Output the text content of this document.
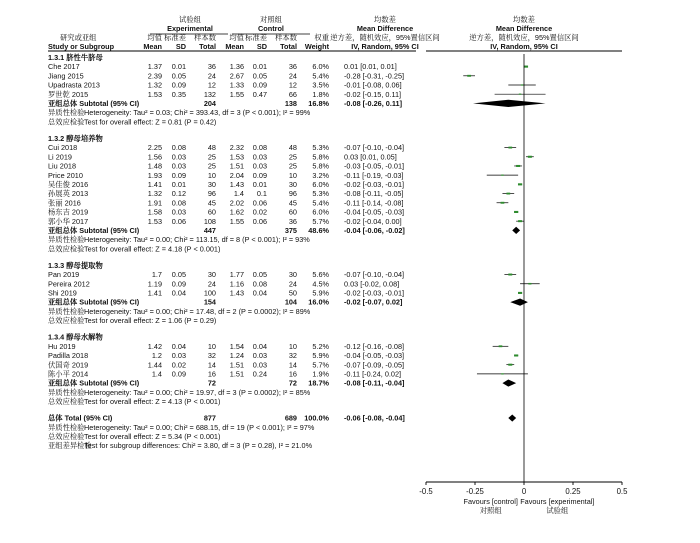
试验组
Experimental
对照组
Control
均数差
Mean Difference
逆方差，随机效应，95%置信区间
IV, Random, 95% CI
均数差
Mean Difference
逆方差，随机效应，95%置信区间
IV, Random, 95% CI
研究或亚组
Study or Subgroup
均值
Mean
标准差
SD
样本数
Total
均值
Mean
标准差
SD
样本数
Total
权重
Weight
1.3.1 脐性牛脐母
Che 2017	1.37 0.01	36 1.36 0.01	36 6.0% 0.01 [0.01, 0.01]
Jiang 2015	2.39 0.05	24 2.67 0.05	24 5.4% -0.28 [-0.31, -0.25]
Upadrasta 2013	1.32 0.09	12 1.33 0.09	12 3.5% -0.01 [-0.08, 0.06]
罗世乾 2015	1.53 0.35 132 1.55 0.47	66 1.8% -0.02 [-0.15, 0.11]
亚组总体 Subtotal (95% CI)	204	138 16.8% -0.08 [-0.26, 0.11]
异质性检验 Heterogeneity: Tau² = 0.03; Chi² = 393.43, df = 3 (P < 0.001); I² = 99%
总效应检验 Test for overall effect: Z = 0.81 (P = 0.42)
1.3.2 醇母培养物
Cui 2018	2.25 0.08	48 2.32 0.08	48 5.3% -0.07 [-0.10, -0.04]
Li 2019	1.56 0.03	25 1.53 0.03	25 5.8% 0.03 [0.01, 0.05]
Liu 2018	1.48 0.03	25 1.51 0.03	25 5.8% -0.03 [-0.05, -0.01]
Price 2010	1.93 0.09	10 2.04 0.09	10 3.2% -0.11 [-0.19, -0.03]
吴佳俊 2016	1.41 0.01	30 1.43 0.01	30 6.0% -0.02 [-0.03, -0.01]
孙展英 2013	1.32 0.12	96 1.4 0.1	96 5.3% -0.08 [-0.11, -0.05]
张丽 2016	1.91 0.08	45 2.02 0.06	45 5.4% -0.11 [-0.14, -0.08]
杨东吉 2019	1.58 0.03	60 1.62 0.02	60 6.0% -0.04 [-0.05, -0.03]
郭小华 2017	1.53 0.06 108 1.55 0.06	36 5.7% -0.02 [-0.04, 0.00]
亚组总体 Subtotal (95% CI)	447	375 48.6% -0.04 [-0.06, -0.02]
异质性检验 Heterogeneity: Tau² = 0.00; Chi² = 113.15, df = 8 (P < 0.001); I² = 93%
总效应检验 Test for overall effect: Z = 4.18 (P < 0.001)
1.3.3 醇母提取物
Pan 2019	1.7 0.05	30 1.77 0.05	30 5.6% -0.07 [-0.10, -0.04]
Pereira 2012	1.19 0.09	24 1.16 0.08	24 4.5% 0.03 [-0.02, 0.08]
Shi 2019	1.41 0.04 100 1.43 0.04	50 5.9% -0.02 [-0.03, -0.01]
亚组总体 Subtotal (95% CI)	154	104 16.0% -0.02 [-0.07, 0.02]
异质性检验 Heterogeneity: Tau² = 0.00; Chi² = 17.48, df = 2 (P = 0.0002); I² = 89%
总效应检验 Test for overall effect: Z = 1.06 (P = 0.29)
1.3.4 醇母水解物
Hu 2019	1.42 0.04	10 1.54 0.04	10 5.2% -0.12 [-0.16, -0.08]
Padilla 2018	1.2 0.03	32 1.24 0.03	32 5.9% -0.04 [-0.05, -0.03]
伏国奇 2019	1.44 0.02	14 1.51 0.03	14 5.7% -0.07 [-0.09, -0.05]
陈小平 2014	1.4 0.09	16 1.51 0.24	16 1.9% -0.11 [-0.24, 0.02]
亚组总体 Subtotal (95% CI)	72	72 18.7% -0.08 [-0.11, -0.04]
异质性检验 Heterogeneity: Tau² = 0.00; Chi² = 19.97, df = 3 (P = 0.0002); I² = 85%
总效应检验 Test for overall effect: Z = 4.13 (P < 0.001)
总体 Total (95% CI)	877	689 100.0% -0.06 [-0.08, -0.04]
异质性检验 Heterogeneity: Tau² = 0.00; Chi² = 688.15, df = 19 (P < 0.001); I² = 97%
总效应检验 Test for overall effect: Z = 5.34 (P < 0.001)
亚组差异检验
Test for subgroup differences: Chi² = 3.80, df = 3 (P = 0.28), I² = 21.0%
-0.5	-0.25	0	0.25	0.5
Favours [control]
对照组
Favours [experimental]
试验组
